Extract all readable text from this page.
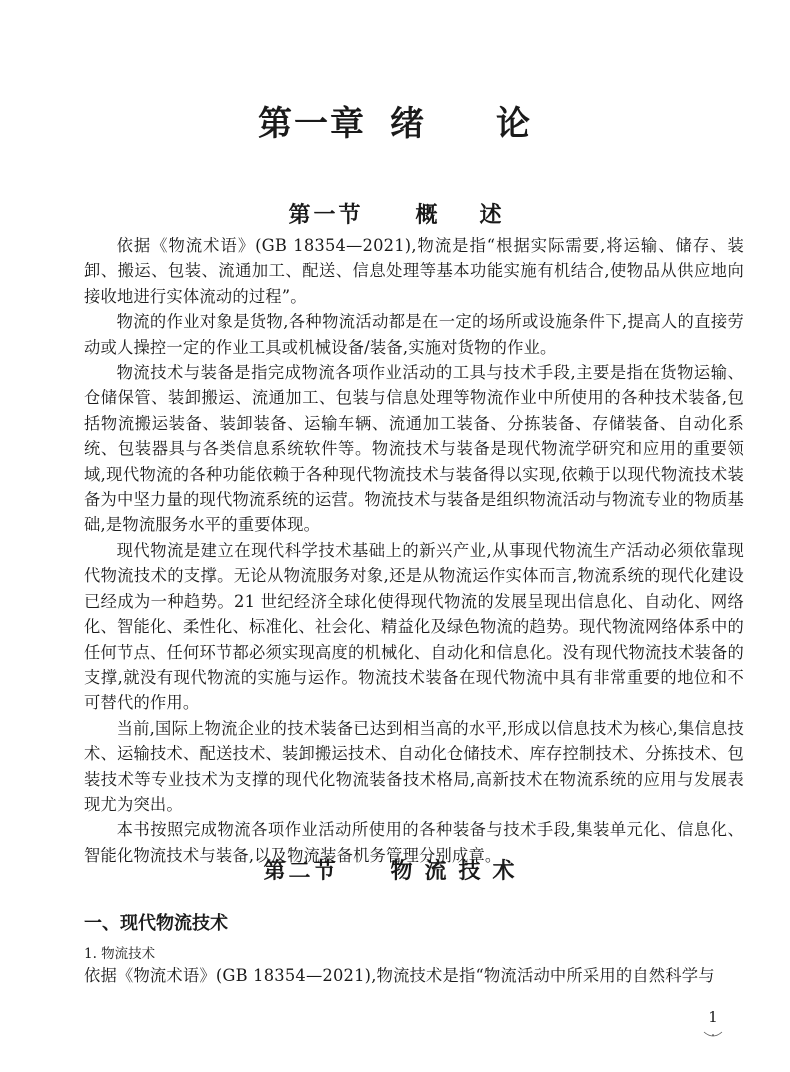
第一章 绪 论
第一节 概 述

依据《物流术语》(GB 18354—2021),物流是指“根据实际需要,将运输、储存、装卸、搬运、包装、流通加工、配送、信息处理等基本功能实施有机结合,使物品从供应地向接收地进行实体流动的过程”。

物流的作业对象是货物,各种物流活动都是在一定的场所或设施条件下,提高人的直接劳动或人操控一定的作业工具或机械设备/装备,实施对货物的作业。

物流技术与装备是指完成物流各项作业活动的工具与技术手段,主要是指在货物运输、仓储保管、装卸搬运、流通加工、包装与信息处理等物流作业中所使用的各种技术装备,包括物流搬运装备、装卸装备、运输车辆、流通加工装备、分拣装备、存储装备、自动化系统、包装器具与各类信息系统软件等。物流技术与装备是现代物流学研究和应用的重要领域,现代物流的各种功能依赖于各种现代物流技术与装备得以实现,依赖于以现代物流技术装备为中坚力量的现代物流系统的运营。物流技术与装备是组织物流活动与物流专业的物质基础,是物流服务水平的重要体现。

现代物流是建立在现代科学技术基础上的新兴产业,从事现代物流生产活动必须依靠现代物流技术的支撑。无论从物流服务对象,还是从物流运作实体而言,物流系统的现代化建设已经成为一种趋势。21 世纪经济全球化使得现代物流的发展呈现出信息化、自动化、网络化、智能化、柔性化、标准化、社会化、精益化及绿色物流的趋势。现代物流网络体系中的任何节点、任何环节都必须实现高度的机械化、自动化和信息化。没有现代物流技术装备的支撑,就没有现代物流的实施与运作。物流技术装备在现代物流中具有非常重要的地位和不可替代的作用。

当前,国际上物流企业的技术装备已达到相当高的水平,形成以信息技术为核心,集信息技术、运输技术、配送技术、装卸搬运技术、自动化仓储技术、库存控制技术、分拣技术、包装技术等专业技术为支撑的现代化物流装备技术格局,高新技术在物流系统的应用与发展表现尤为突出。

本书按照完成物流各项作业活动所使用的各种装备与技术手段,集装单元化、信息化、智能化物流技术与装备,以及物流装备机务管理分别成章。

第二节 物流技术
一、现代物流技术
1. 物流技术

依据《物流术语》(GB 18354—2021),物流技术是指“物流活动中所采用的自然科学与

1
